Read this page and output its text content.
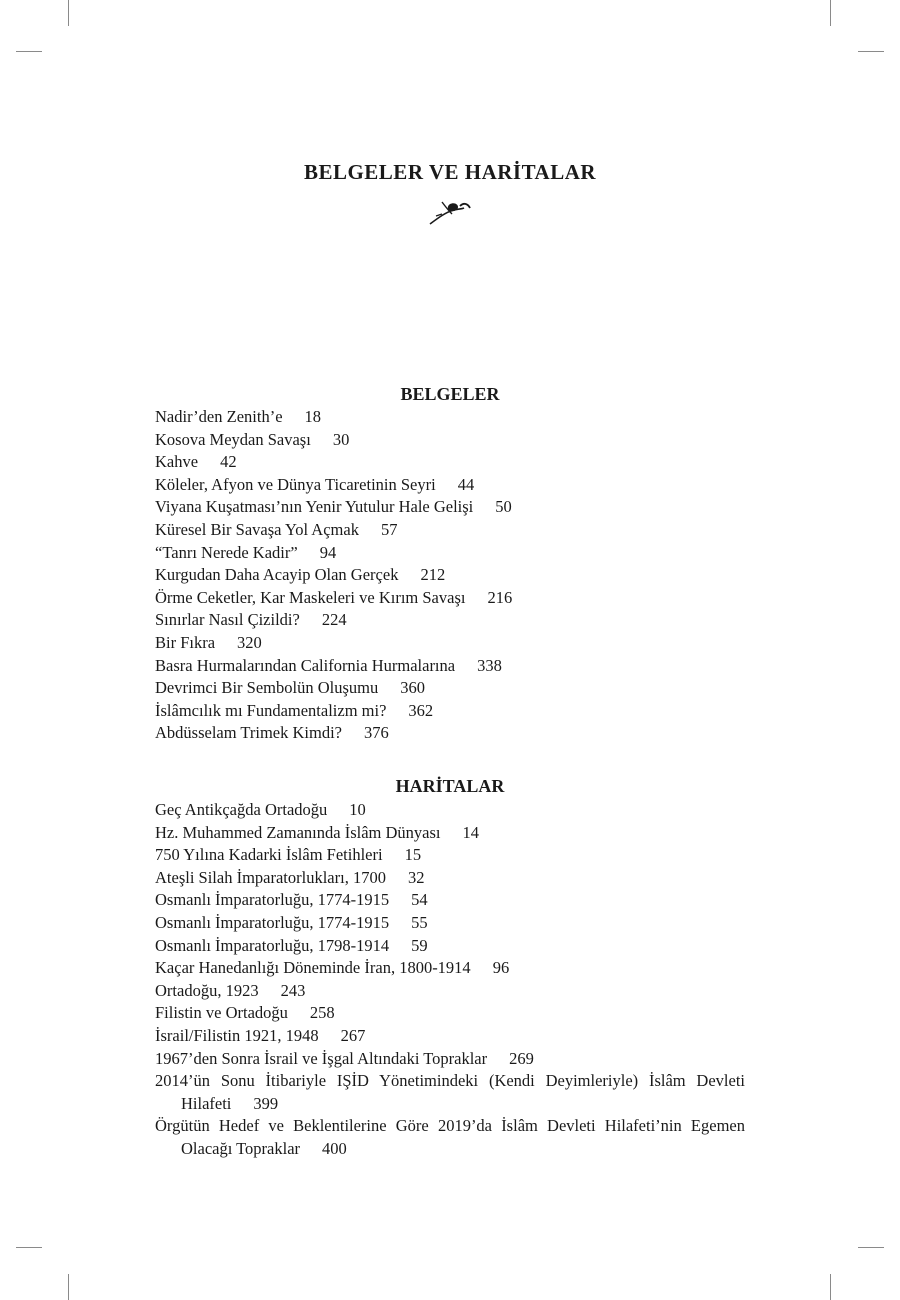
BELGELER VE HARİTALAR
BELGELER
Nadir’den Zenith’e 18
Kosova Meydan Savaşı 30
Kahve 42
Köleler, Afyon ve Dünya Ticaretinin Seyri 44
Viyana Kuşatması’nın Yenir Yutulur Hale Gelişi 50
Küresel Bir Savaşa Yol Açmak 57
“Tanrı Nerede Kadir” 94
Kurgudan Daha Acayip Olan Gerçek 212
Örme Ceketler, Kar Maskeleri ve Kırım Savaşı 216
Sınırlar Nasıl Çizildi? 224
Bir Fıkra 320
Basra Hurmalarından California Hurmalarına 338
Devrimci Bir Sembolün Oluşumu 360
İslâmcılık mı Fundamentalizm mi? 362
Abdüsselam Trimek Kimdi? 376
HARİTALAR
Geç Antikçağda Ortadoğu 10
Hz. Muhammed Zamanında İslâm Dünyası 14
750 Yılına Kadarki İslâm Fetihleri 15
Ateşli Silah İmparatorlukları, 1700 32
Osmanlı İmparatorluğu, 1774-1915 54
Osmanlı İmparatorluğu, 1774-1915 55
Osmanlı İmparatorluğu, 1798-1914 59
Kaçar Hanedanlığı Döneminde İran, 1800-1914 96
Ortadoğu, 1923 243
Filistin ve Ortadoğu 258
İsrail/Filistin 1921, 1948 267
1967’den Sonra İsrail ve İşgal Altındaki Topraklar 269
2014’ün Sonu İtibariyle IŞİD Yönetimindeki (Kendi Deyimleriyle) İslâm Devleti Hilafeti 399
Örgütün Hedef ve Beklentilerine Göre 2019’da İslâm Devleti Hilafeti’nin Egemen Olacağı Topraklar 400
